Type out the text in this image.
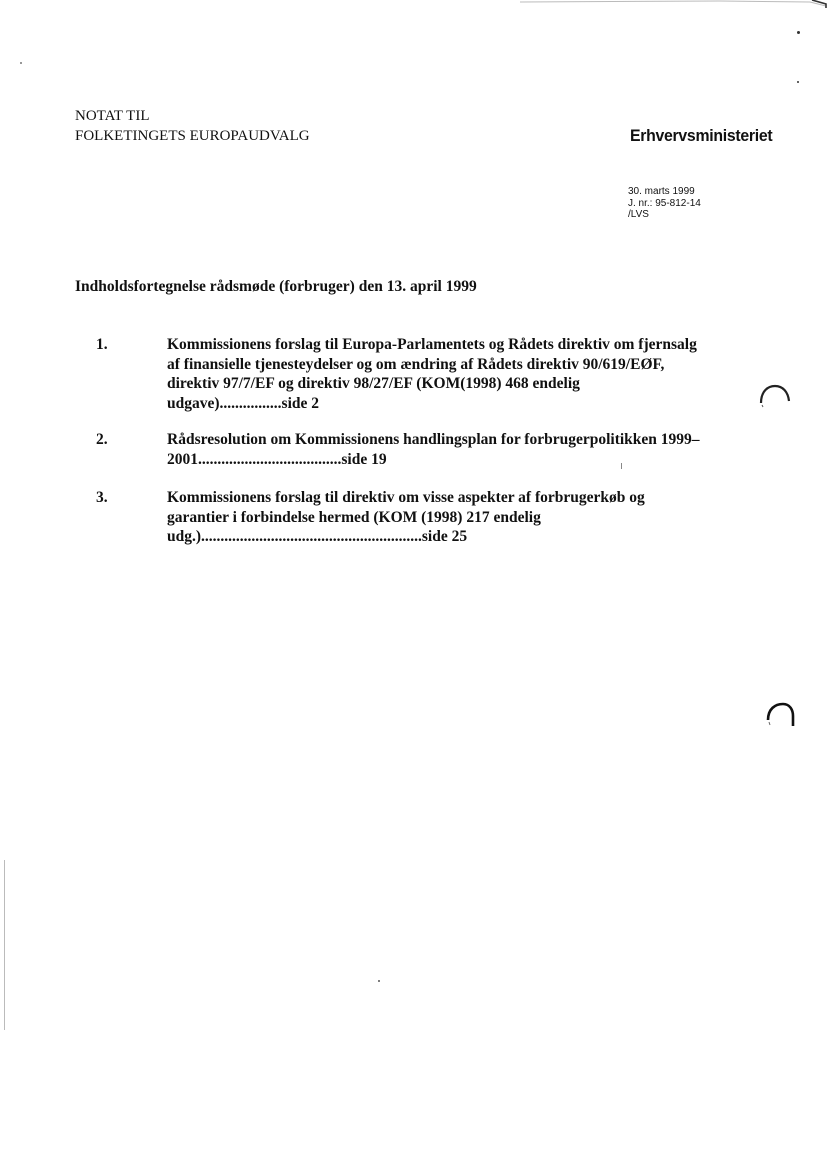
NOTAT TIL
FOLKETINGETS EUROPAUDVALG	Erhvervsministeriet
30. marts 1999
J. nr.: 95-812-14
/LVS
Indholdsfortegnelse rådsmøde (forbruger) den 13. april 1999
1.	Kommissionens forslag til Europa-Parlamentets og Rådets direktiv om fjernsalg
af finansielle tjenesteydelser og om ændring af Rådets direktiv 90/619/EØF,
direktiv 97/7/EF og direktiv 98/27/EF (KOM(1998) 468 endelig
udgave)................side 2
2.	Rådsresolution om Kommissionens handlingsplan for forbrugerpolitikken 1999–
2001.....................................side 19
3.	Kommissionens forslag til direktiv om visse aspekter af forbrugerkøb og
garantier i forbindelse hermed (KOM (1998) 217 endelig
udg.).........................................................side 25
